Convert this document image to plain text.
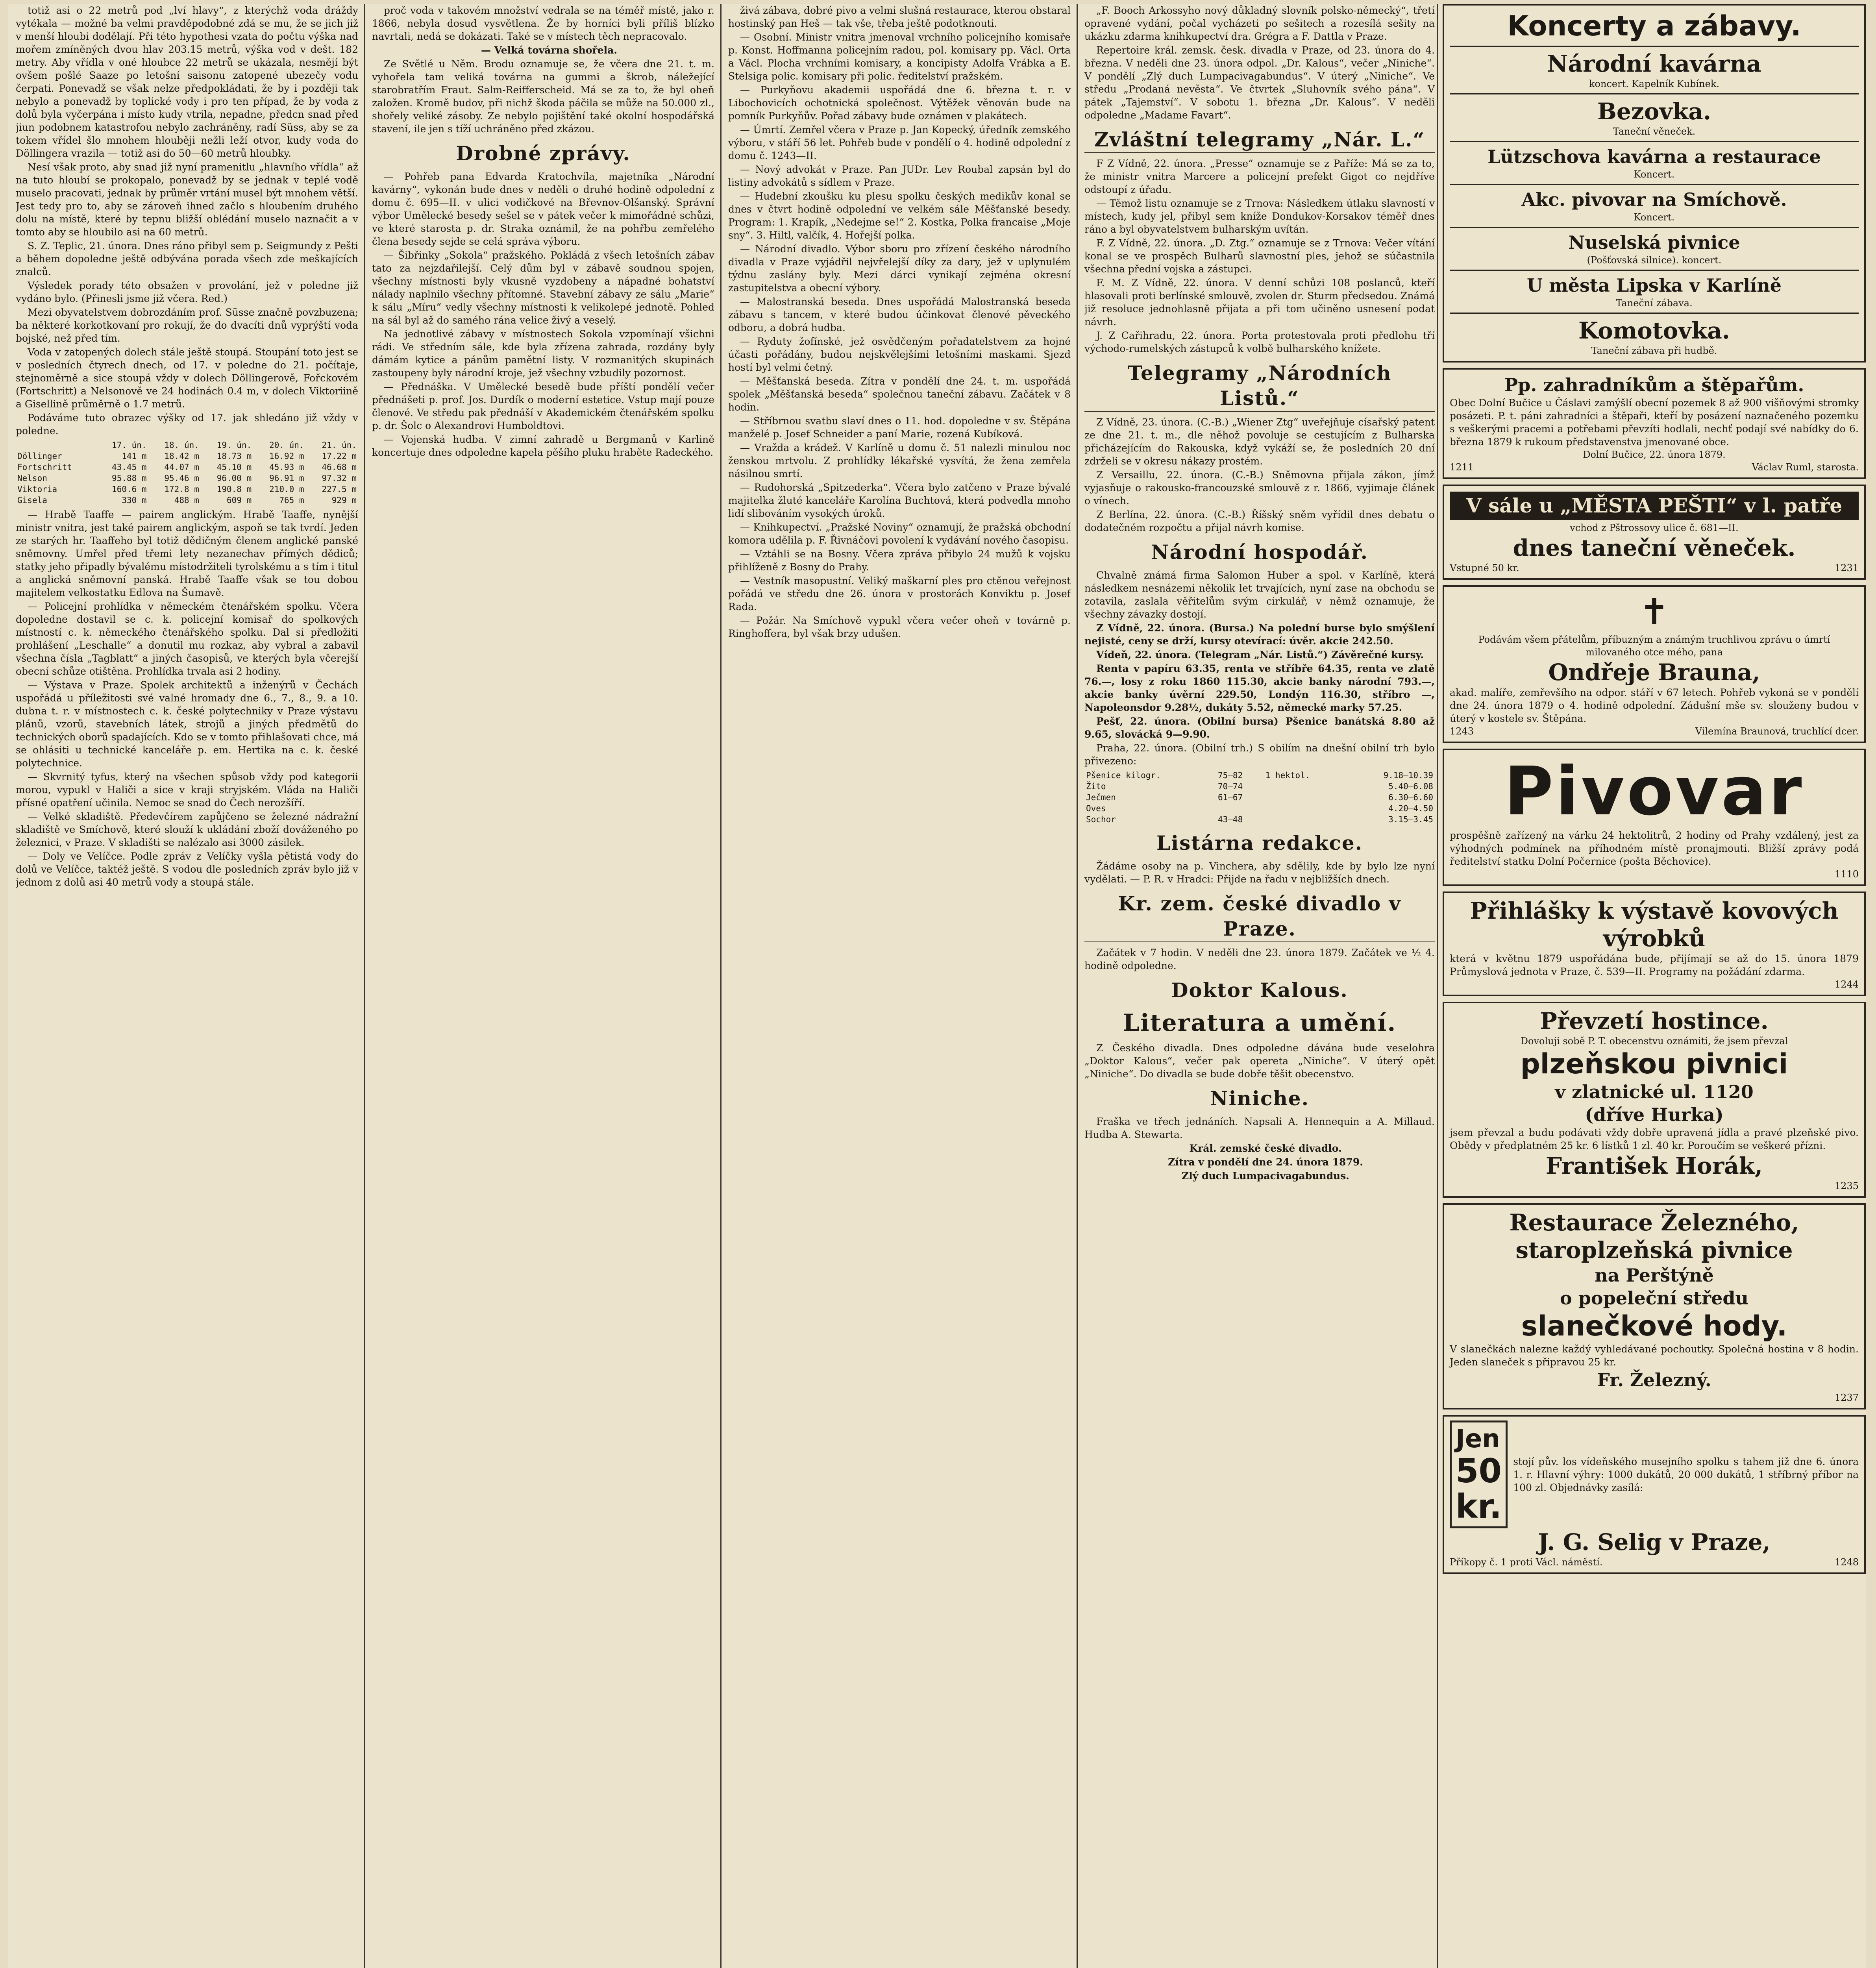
totiž asi o 22 metrů pod „lví hlavy“, z kterýchž voda dráždy vytékala — možné ba velmi pravděpodobné zdá se mu, že se jich již v menší hloubi dodělají. Při této hypothesi vzata do počtu výška nad mořem zmíněných dvou hlav 203.15 metrů, výška vod v dešt. 182 metry. Aby vřídla v oné hloubce 22 metrů se ukázala, nesmějí být ovšem pošlé Saaze po letošní saisonu zatopené ubezečy vodu čerpati. Ponevadž se však nelze předpokládati, že by i později tak nebylo a ponevadž by toplické vody i pro ten případ, že by voda z dolů byla vyčerpána i místo kudy vtrila, nepadne, předcn snad před jiun podobnem katastrofou nebylo zachráněny, radí Süss, aby se za tokem vřídel šlo mnohem hlouběji nežli leží otvor, kudy voda do Döllingera vrazila — totiž asi do 50—60 metrů hloubky.

Nesí však proto, aby snad již nyní pramenitlu „hlavního vřídla“ až na tuto hloubí se prokopalo, ponevadž by se jednak v teplé vodě muselo pracovati, jednak by průměr vrtání musel být mnohem větší. Jest tedy pro to, aby se zároveň ihned začlo s hloubením druhého dolu na místě, které by tepnu bližší oblédání muselo naznačit a v tomto aby se hloubilo asi na 60 metrů.

S. Z. Teplic, 21. února. Dnes ráno přibyl sem p. Seigmundy z Pešti a během dopoledne ještě odbývána porada všech zde meškajících znalců.

Výsledek porady této obsažen v provolání, jež v poledne již vydáno bylo. (Přinesli jsme již včera. Red.)

Mezi obyvatelstvem dobrozdáním prof. Süsse značně povzbuzena; ba některé korkotkovaní pro rokují, že do dvacíti dnů vyprýští voda bojské, než před tím.

Voda v zatopených dolech stále ještě stoupá. Stoupání toto jest se v posledních čtyrech dnech, od 17. v poledne do 21. počítaje, stejnoměrně a sice stoupá vždy v dolech Döllingerově, Fořckovém (Fortschritt) a Nelsonově ve 24 hodinách 0.4 m, v dolech Viktoriině a Gisellině průměrně o 1.7 metrů.

Podáváme tuto obrazec výšky od 17. jak shledáno již vždy v poledne.

	17. ún.	18. ún.	19. ún.	20. ún.	21. ún.
Döllinger	141 m	18.42 m	18.73 m	16.92 m	17.22 m
Fortschritt	43.45 m	44.07 m	45.10 m	45.93 m	46.68 m
Nelson	95.88 m	95.46 m	96.00 m	96.91 m	97.32 m
Viktoria	160.6 m	172.8 m	190.8 m	210.0 m	227.5 m
Gisela	330 m	488 m	609 m	765 m	929 m

— Hrabě Taaffe — pairem anglickým. Hrabě Taaffe, nynější ministr vnitra, jest také pairem anglickým, aspoň se tak tvrdí. Jeden ze starých hr. Taaffeho byl totiž dědičným členem anglické panské sněmovny. Umřel před třemi lety nezanechav přímých dědiců; statky jeho připadly bývalému místodržiteli tyrolskému a s tím i titul a anglická sněmovní panská. Hrabě Taaffe však se tou dobou majitelem velkostatku Edlova na Šumavě.

— Policejní prohlídka v německém čtenářském spolku. Včera dopoledne dostavil se c. k. policejní komisař do spolkových místností c. k. německého čtenářského spolku. Dal si předložiti prohlášení „Leschalle“ a donutil mu rozkaz, aby vybral a zabavil všechna čísla „Tagblatt“ a jiných časopisů, ve kterých byla včerejší obecní schůze otištěna. Prohlídka trvala asi 2 hodiny.

— Výstava v Praze. Spolek architektů a inženýrů v Čechách uspořádá u příležitosti své valné hromady dne 6., 7., 8., 9. a 10. dubna t. r. v místnostech c. k. české polytechniky v Praze výstavu plánů, vzorů, stavebních látek, strojů a jiných předmětů do technických oborů spadajících. Kdo se v tomto přihlašovati chce, má se ohlásiti u technické kanceláře p. em. Hertika na c. k. české polytechnice.

— Skvrnitý tyfus, který na všechen spůsob vždy pod kategorii morou, vypukl v Haliči a sice v kraji stryjském. Vláda na Haliči přísné opatření učinila. Nemoc se snad do Čech nerozšíří.

— Velké skladiště. Předevčírem zapůjčeno se železné nádražní skladiště ve Smíchově, které slouží k ukládání zboží dováženého po železnici, v Praze. V skladišti se nalézalo asi 3000 zásilek.

— Doly ve Velíčce. Podle zpráv z Velíčky vyšla pětistá vody do dolů ve Velíčce, taktéž ještě. S vodou dle posledních zpráv bylo již v jednom z dolů asi 40 metrů vody a stoupá stále.

proč voda v takovém množství vedrala se na téměř místě, jako r. 1866, nebyla dosud vysvětlena. Že by horníci byli příliš blízko navrtali, nedá se dokázati. Také se v místech těch nepracovalo.

— Velká továrna shořela.

Ze Světlé u Něm. Brodu oznamuje se, že včera dne 21. t. m. vyhořela tam veliká továrna na gummi a škrob, náležející starobratřím Fraut. Salm-Reifferscheid. Má se za to, že byl oheň založen. Kromě budov, při nichž škoda páčila se může na 50.000 zl., shořely veliké zásoby. Ze nebylo pojištění také okolní hospodářská stavení, ile jen s tíží uchráněno před zkázou.

Drobné zprávy.

— Pohřeb pana Edvarda Kratochvíla, majetníka „Národní kavárny“, vykonán bude dnes v neděli o druhé hodině odpolední z domu č. 695—II. v ulici vodičkové na Břevnov-Olšanský. Správní výbor Umělecké besedy sešel se v pátek večer k mimořádné schůzi, ve které starosta p. dr. Straka oznámil, že na pohřbu zemřelého člena besedy sejde se celá správa výboru.

— Šibřinky „Sokola“ pražského. Pokládá z všech letošních zábav tato za nejzdařilejší. Celý dům byl v zábavě soudnou spojen, všechny místnosti byly vkusně vyzdobeny a nápadné bohatství nálady naplnilo všechny přítomné. Stavební zábavy ze sálu „Marie“ k sálu „Míru“ vedly všechny místnosti k velikolepé jednotě. Pohled na sál byl až do samého rána velice živý a veselý.

Na jednotlivé zábavy v místnostech Sokola vzpomínají všichni rádi. Ve středním sále, kde byla zřízena zahrada, rozdány byly dámám kytice a pánům pamětní listy. V rozmanitých skupinách zastoupeny byly národní kroje, jež všechny vzbudily pozornost.

— Přednáška. V Umělecké besedě bude příští pondělí večer přednášeti p. prof. Jos. Durdík o moderní estetice. Vstup mají pouze členové. Ve středu pak přednáší v Akademickém čtenářském spolku p. dr. Šolc o Alexandrovi Humboldtovi.

— Vojenská hudba. V zimní zahradě u Bergmanů v Karlině koncertuje dnes odpoledne kapela pěšího pluku hraběte Radeckého.

živá zábava, dobré pivo a velmi slušná restaurace, kterou obstaral hostinský pan Heš — tak vše, třeba ještě podotknouti.

— Osobní. Ministr vnitra jmenoval vrchního policejního komisaře p. Konst. Hoffmanna policejním radou, pol. komisary pp. Václ. Orta a Václ. Plocha vrchními komisary, a koncipisty Adolfa Vrábka a E. Stelsiga polic. komisary při polic. ředitelství pražském.

— Purkyňovu akademii uspořádá dne 6. března t. r. v Libochovicích ochotnická společnost. Výtěžek věnován bude na pomník Purkyňův. Pořad zábavy bude oznámen v plakátech.

— Úmrtí. Zemřel včera v Praze p. Jan Kopecký, úředník zemského výboru, v stáří 56 let. Pohřeb bude v pondělí o 4. hodině odpolední z domu č. 1243—II.

— Nový advokát v Praze. Pan JUDr. Lev Roubal zapsán byl do listiny advokátů s sídlem v Praze.

— Hudební zkoušku ku plesu spolku českých medikův konal se dnes v čtvrt hodině odpolední ve velkém sále Měšťanské besedy. Program: 1. Krapík, „Nedejme se!“ 2. Kostka, Polka francaise „Moje sny“. 3. Hiltl, valčík, 4. Hořejší polka.

— Národní divadlo. Výbor sboru pro zřízení českého národního divadla v Praze vyjádřil nejvřelejší díky za dary, jež v uplynulém týdnu zaslány byly. Mezi dárci vynikají zejména okresní zastupitelstva a obecní výbory.

— Malostranská beseda. Dnes uspořádá Malostranská beseda zábavu s tancem, v které budou účinkovat členové pěveckého odboru, a dobrá hudba.

— Ryduty žofínské, jež osvědčeným pořadatelstvem za hojné účasti pořádány, budou nejskvělejšími letošními maskami. Sjezd hostí byl velmi četný.

— Měšťanská beseda. Zítra v pondělí dne 24. t. m. uspořádá spolek „Měšťanská beseda“ společnou taneční zábavu. Začátek v 8 hodin.

— Stříbrnou svatbu slaví dnes o 11. hod. dopoledne v sv. Štěpána manželé p. Josef Schneider a paní Marie, rozená Kubíková.

— Vražda a krádež. V Karlíně u domu č. 51 nalezli minulou noc ženskou mrtvolu. Z prohlídky lékařské vysvítá, že žena zemřela násilnou smrtí.

— Rudohorská „Spitzederka“. Včera bylo zatčeno v Praze bývalé majitelka žluté kanceláře Karolína Buchtová, která podvedla mnoho lidí slibováním vysokých úroků.

— Knihkupectví. „Pražské Noviny“ oznamují, že pražská obchodní komora udělila p. F. Řivnáčovi povolení k vydávání nového časopisu.

— Vztáhli se na Bosny. Včera zpráva přibylo 24 mužů k vojsku přihlíženě z Bosny do Prahy.

— Vestník masopustní. Veliký maškarní ples pro ctěnou veřejnost pořádá ve středu dne 26. února v prostorách Konviktu p. Josef Rada.

— Požár. Na Smíchově vypukl včera večer oheň v továrně p. Ringhoffera, byl však brzy udušen.

„F. Booch Arkossyho nový důkladný slovník polsko-německý“, třetí opravené vydání, počal vycházeti po sešitech a rozesílá sešity na ukázku zdarma knihkupectví dra. Grégra a F. Dattla v Praze.

Repertoire král. zemsk. česk. divadla v Praze, od 23. února do 4. března. V neděli dne 23. února odpol. „Dr. Kalous“, večer „Niniche“. V pondělí „Zlý duch Lumpacivagabundus“. V úterý „Niniche“. Ve středu „Prodaná nevěsta“. Ve čtvrtek „Sluhovník svého pána“. V pátek „Tajemství“. V sobotu 1. března „Dr. Kalous“. V neděli odpoledne „Madame Favart“.

Zvláštní telegramy „Nár. L.“

F Z Vídně, 22. února. „Presse“ oznamuje se z Paříže: Má se za to, že ministr vnitra Marcere a policejní prefekt Gigot co nejdříve odstoupí z úřadu.

— Těmož listu oznamuje se z Trnova: Následkem útlaku slavností v místech, kudy jel, přibyl sem kníže Dondukov-Korsakov téměř dnes ráno a byl obyvatelstvem bulharským uvítán.

F. Z Vídně, 22. února. „D. Ztg.“ oznamuje se z Trnova: Večer vítání konal se ve prospěch Bulharů slavnostní ples, jehož se súčastnila všechna přední vojska a zástupci.

F. M. Z Vídně, 22. února. V denní schůzi 108 poslanců, kteří hlasovali proti berlínské smlouvě, zvolen dr. Sturm předsedou. Známá již resoluce jednohlasně přijata a při tom učiněno usnesení podat návrh.

J. Z Cařihradu, 22. února. Porta protestovala proti předlohu tří východo-rumelských zástupců k volbě bulharského knížete.

Telegramy „Národních Listů.“

Z Vídně, 23. února. (C.-B.) „Wiener Ztg“ uveřejňuje císařský patent ze dne 21. t. m., dle něhož povoluje se cestujícím z Bulharska přicházejícím do Rakouska, když vykáží se, že posledních 20 dní zdrželi se v okresu nákazy prostém.

Z Versaillu, 22. února. (C.-B.) Sněmovna přijala zákon, jímž vyjasňuje o rakousko-francouzské smlouvě z r. 1866, vyjimaje článek o vínech.

Z Berlína, 22. února. (C.-B.) Říšský sněm vyřídil dnes debatu o dodatečném rozpočtu a přijal návrh komise.

Národní hospodář.

Chvalně známá firma Salomon Huber a spol. v Karlíně, která následkem nesnázemi několik let trvajících, nyní zase na obchodu se zotavila, zaslala věřitelům svým cirkulář, v němž oznamuje, že všechny závazky dostojí.

Z Vídně, 22. února. (Bursa.) Na polední burse bylo smýšlení nejisté, ceny se drží, kursy otevírací: úvěr. akcie 242.50.

Vídeň, 22. února. (Telegram „Nár. Listů.“) Závěrečné kursy.

Renta v papíru 63.35, renta ve stříbře 64.35, renta ve zlatě 76.—, losy z roku 1860 115.30, akcie banky národní 793.—, akcie banky úvěrní 229.50, Londýn 116.30, stříbro —, Napoleonsdor 9.28½, dukáty 5.52, německé marky 57.25.

Pešť, 22. února. (Obilní bursa) Pšenice banátská 8.80 až 9.65, slovácká 9—9.90.

Praha, 22. února. (Obilní trh.) S obilím na dnešní obilní trh bylo přivezeno:

Pšenice kilogr.	75—82	1 hektol.	9.18—10.39
Žito	70—74		5.40—6.08
Ječmen	61—67		6.30—6.60
Oves			4.20—4.50
Sochor	43—48		3.15—3.45
Listárna redakce.

Žádáme osoby na p. Vinchera, aby sdělily, kde by bylo lze nyní vydělati. — P. R. v Hradci: Přijde na řadu v nejbližších dnech.

Kr. zem. české divadlo v Praze.

Začátek v 7 hodin. V neděli dne 23. února 1879. Začátek ve ½ 4. hodině odpoledne.

Doktor Kalous.
Literatura a umění.

Z Českého divadla. Dnes odpoledne dávána bude veselohra „Doktor Kalous“, večer pak opereta „Niniche“. V úterý opět „Niniche“. Do divadla se bude dobře těšit obecenstvo.

Niniche.

Fraška ve třech jednáních. Napsali A. Hennequin a A. Millaud. Hudba A. Stewarta.

Král. zemské české divadlo.

Zítra v pondělí dne 24. února 1879.

Zlý duch Lumpacivagabundus.

Koncerty a zábavy.

Národní kavárna

koncert. Kapelník Kubínek.

Bezovka.

Taneční věneček.

Lützschova kavárna a restaurace

Koncert.

Akc. pivovar na Smíchově.

Koncert.

Nuselská pivnice

(Pošťovská silnice). koncert.

U města Lipska v Karlíně

Taneční zábava.

Komotovka.

Taneční zábava při hudbě.

Pp. zahradníkům a štěpařům.

Obec Dolní Bučice u Čáslavi zamýšlí obecní pozemek 8 až 900 višňovými stromky posázeti. P. t. páni zahradníci a štěpaři, kteří by posázení naznačeného pozemku s veškerými pracemi a potřebami převzíti hodlali, nechť podají své nabídky do 6. března 1879 k rukoum představenstva jmenované obce.

Dolní Bučice, 22. února 1879.

1211	Václav Ruml, starosta.

V sále u „MĚSTA PEŠTI“ v l. patře

vchod z Pštrossovy ulice č. 681—II.

dnes taneční věneček.

Vstupné 50 kr.	1231

✝

Podávám všem přátelům, příbuzným a známým truchlivou zprávu o úmrtí milovaného otce mého, pana

Ondřeje Brauna,

akad. malíře, zemřevšího na odpor. stáří v 67 letech. Pohřeb vykoná se v pondělí dne 24. února 1879 o 4. hodině odpolední. Zádušní mše sv. slouženy budou v úterý v kostele sv. Štěpána.

1243	Vilemína Braunová, truchlící dcer.

Pivovar

prospěšně zařízený na várku 24 hektolitrů, 2 hodiny od Prahy vzdálený, jest za výhodných podmínek na příhodném místě pronajmouti. Bližší zprávy podá ředitelství statku Dolní Počernice (pošta Běchovice).

1110

Přihlášky k výstavě kovových výrobků

která v květnu 1879 uspořádána bude, přijímají se až do 15. února 1879 Průmyslová jednota v Praze, č. 539—II. Programy na požádání zdarma.

1244

Převzetí hostince.

Dovoluji sobě P. T. obecenstvu oznámiti, že jsem převzal

plzeňskou pivnici

v zlatnické ul. 1120

(dříve Hurka)

jsem převzal a budu podávati vždy dobře upravená jídla a pravé plzeňské pivo. Obědy v předplatném 25 kr. 6 lístků 1 zl. 40 kr. Poroučím se veškeré přízni.

František Horák,

1235

Restaurace Železného,

staroplzeňská pivnice

na Perštýně

o popeleční středu

slanečkové hody.

V slanečkách nalezne každý vyhledávané pochoutky. Společná hostina v 8 hodin. Jeden slaneček s připravou 25 kr.

Fr. Železný.

1237
Jen
50 kr.

stojí pův. los vídeňského musejního spolku s tahem již dne 6. února 1. r. Hlavní výhry: 1000 dukátů, 20 000 dukátů, 1 stříbrný příbor na 100 zl. Objednávky zasílá:

J. G. Selig v Praze,

Příkopy č. 1 proti Václ. náměstí.	1248
